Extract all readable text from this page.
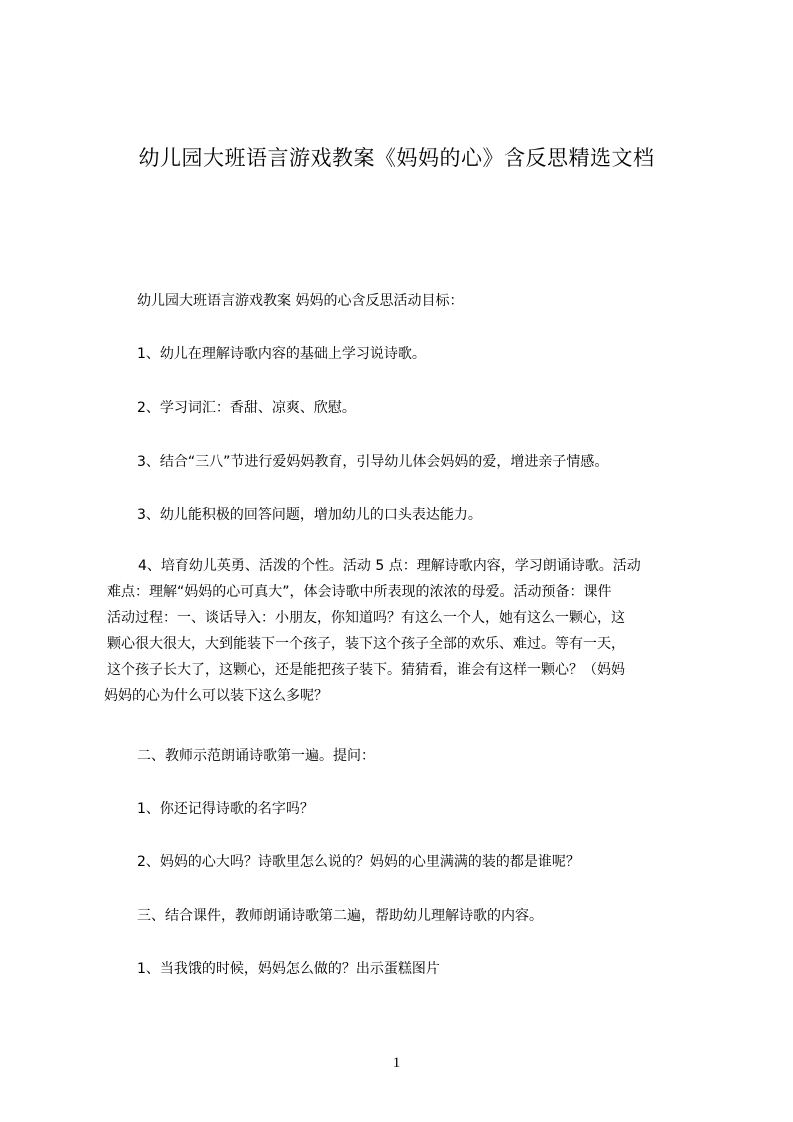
幼儿园大班语言游戏教案《妈妈的心》含反思精选文档
幼儿园大班语言游戏教案 妈妈的心含反思活动目标：
1、幼儿在理解诗歌内容的基础上学习说诗歌。
2、学习词汇：香甜、凉爽、欣慰。
3、结合“三八”节进行爱妈妈教育，引导幼儿体会妈妈的爱，增进亲子情感。
3、幼儿能积极的回答问题，增加幼儿的口头表达能力。
4、培育幼儿英勇、活泼的个性。活动 5 点：理解诗歌内容，学习朗诵诗歌。活动
难点：理解“妈妈的心可真大”，体会诗歌中所表现的浓浓的母爱。活动预备：课件
活动过程：一、谈话导入：小朋友，你知道吗？有这么一个人，她有这么一颗心，这
颗心很大很大，大到能装下一个孩子，装下这个孩子全部的欢乐、难过。等有一天，
这个孩子长大了，这颗心，还是能把孩子装下。猜猜看，谁会有这样一颗心？（妈妈
妈妈的心为什么可以装下这么多呢？
二、教师示范朗诵诗歌第一遍。提问：
1、你还记得诗歌的名字吗？
2、妈妈的心大吗？诗歌里怎么说的？妈妈的心里满满的装的都是谁呢？
三、结合课件，教师朗诵诗歌第二遍，帮助幼儿理解诗歌的内容。
1、当我饿的时候，妈妈怎么做的？出示蛋糕图片
1
